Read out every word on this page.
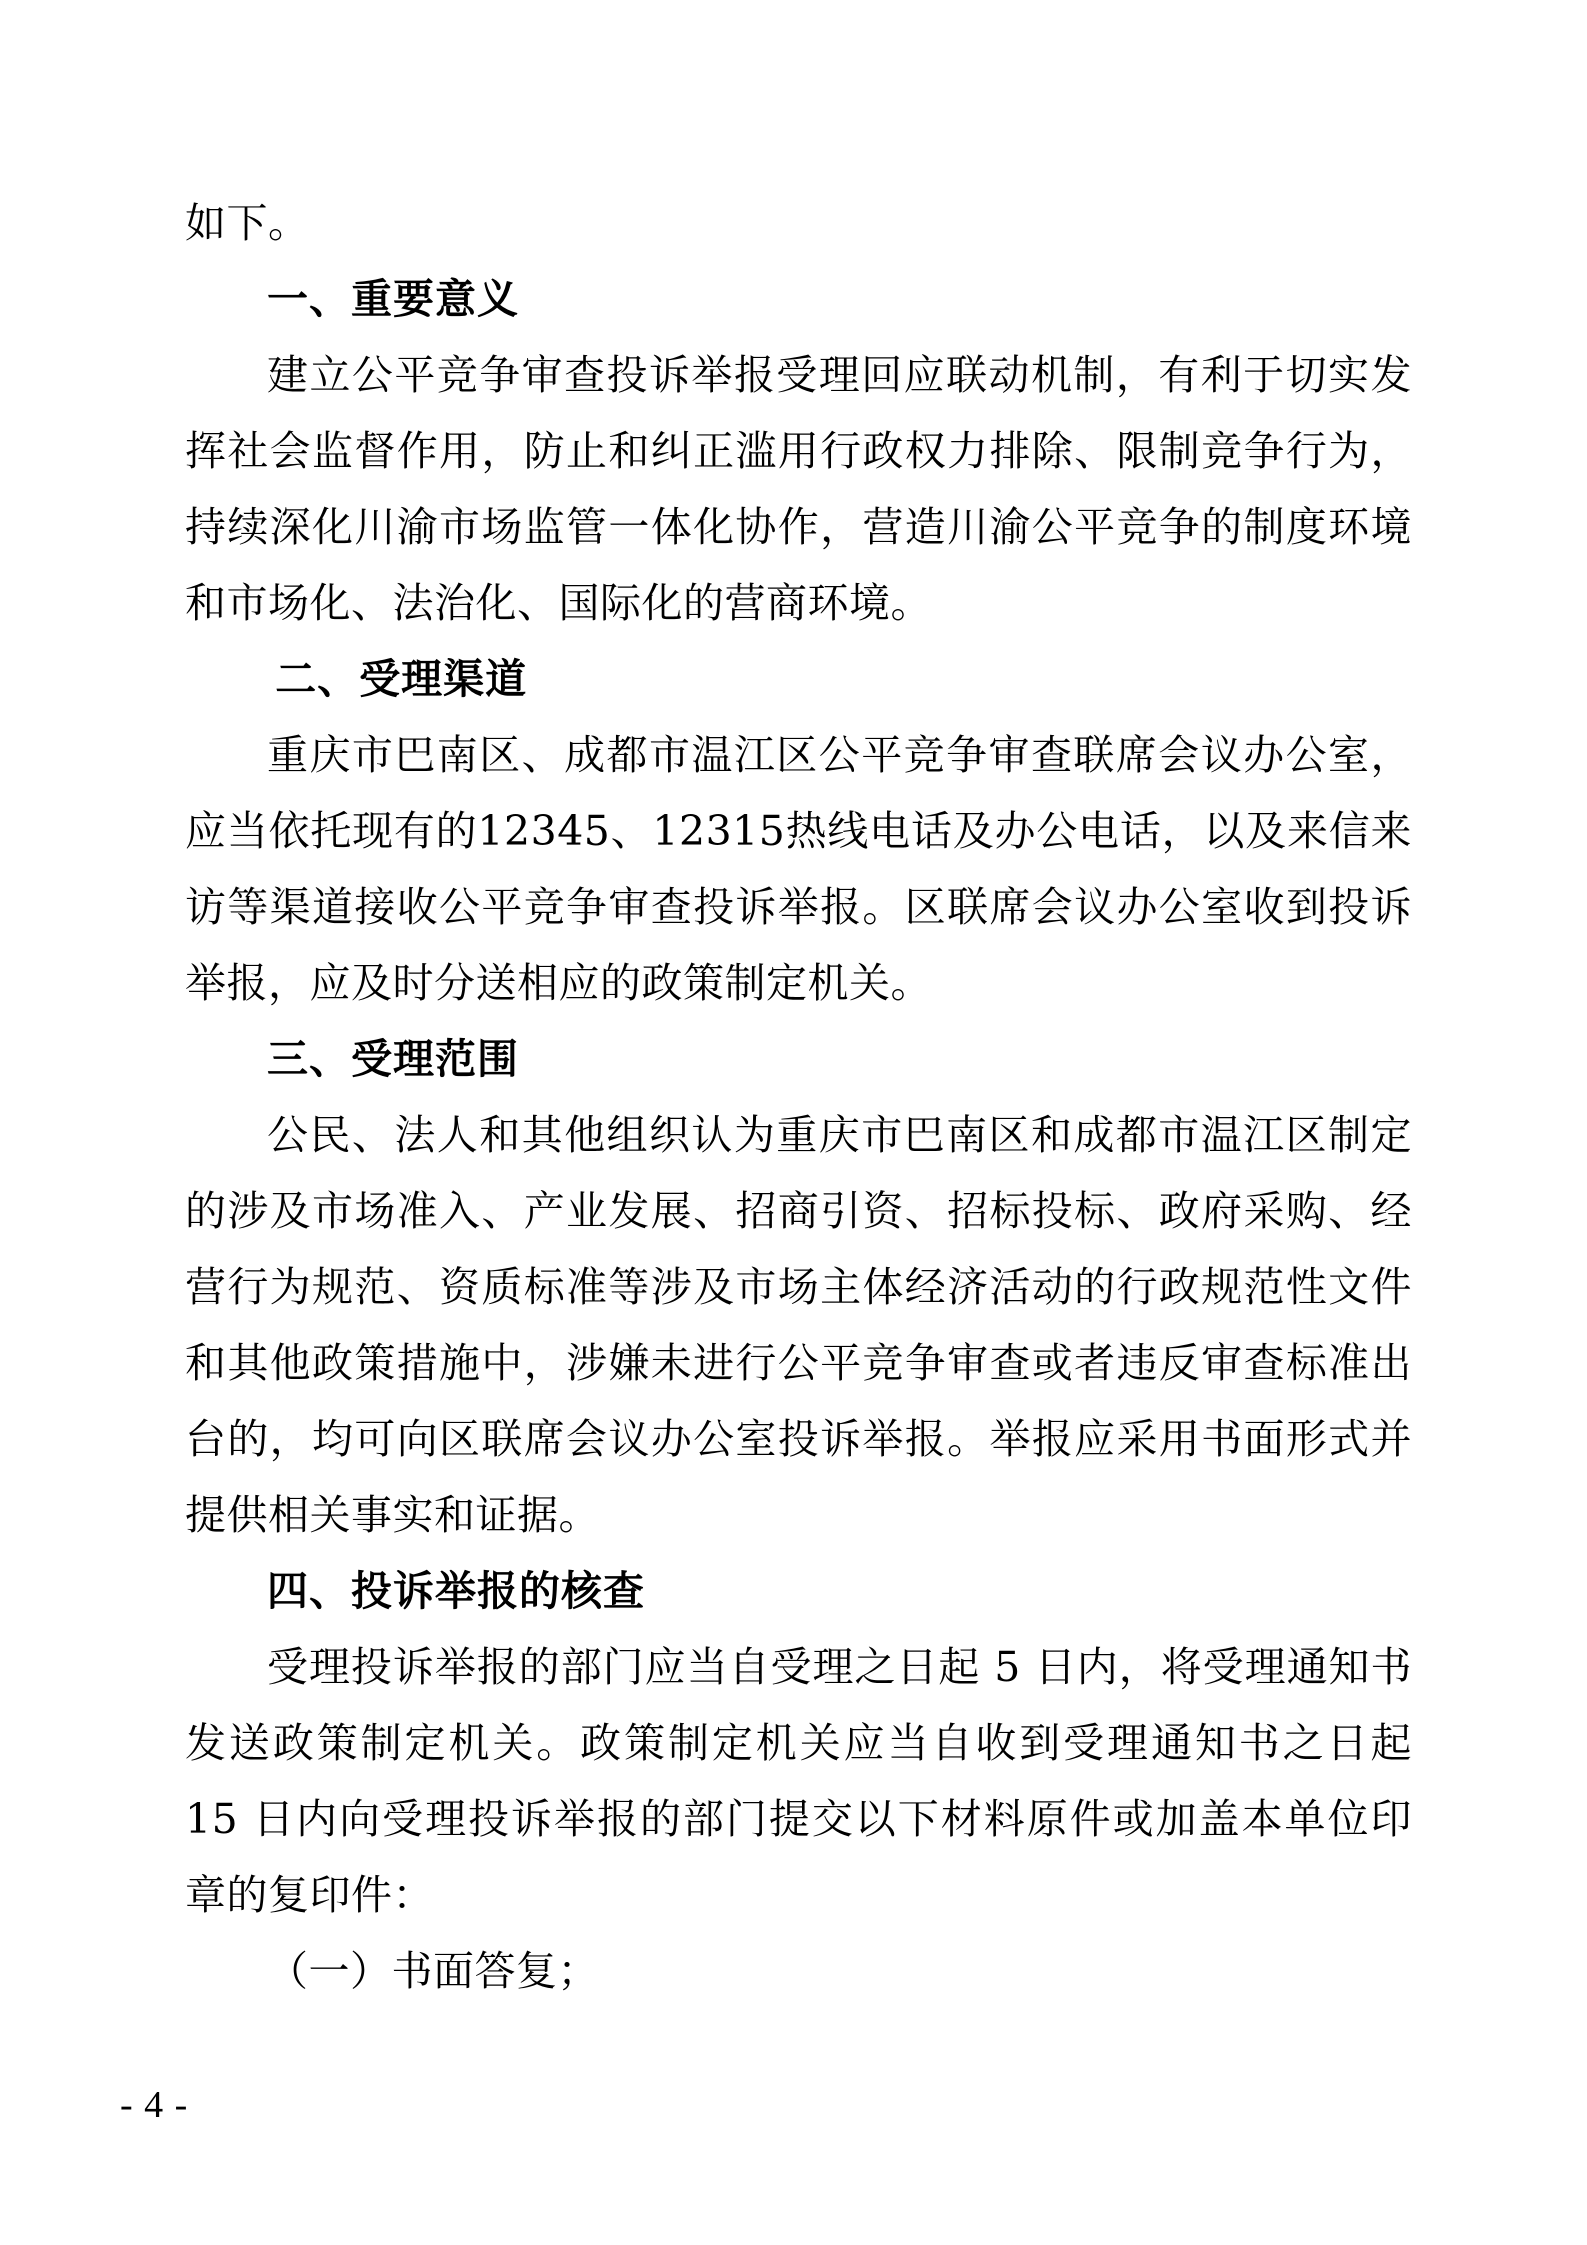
如下。

一、重要意义

建立公平竞争审查投诉举报受理回应联动机制，有利于切实发挥社会监督作用，防止和纠正滥用行政权力排除、限制竞争行为，持续深化川渝市场监管一体化协作，营造川渝公平竞争的制度环境和市场化、法治化、国际化的营商环境。

二、受理渠道

重庆市巴南区、成都市温江区公平竞争审查联席会议办公室，应当依托现有的12345、12315热线电话及办公电话，以及来信来访等渠道接收公平竞争审查投诉举报。区联席会议办公室收到投诉举报，应及时分送相应的政策制定机关。

三、受理范围

公民、法人和其他组织认为重庆市巴南区和成都市温江区制定的涉及市场准入、产业发展、招商引资、招标投标、政府采购、经营行为规范、资质标准等涉及市场主体经济活动的行政规范性文件和其他政策措施中，涉嫌未进行公平竞争审查或者违反审查标准出台的，均可向区联席会议办公室投诉举报。举报应采用书面形式并提供相关事实和证据。

四、投诉举报的核查

受理投诉举报的部门应当自受理之日起 5 日内，将受理通知书发送政策制定机关。政策制定机关应当自收到受理通知书之日起 15 日内向受理投诉举报的部门提交以下材料原件或加盖本单位印章的复印件：

（一）书面答复；

- 4 -
